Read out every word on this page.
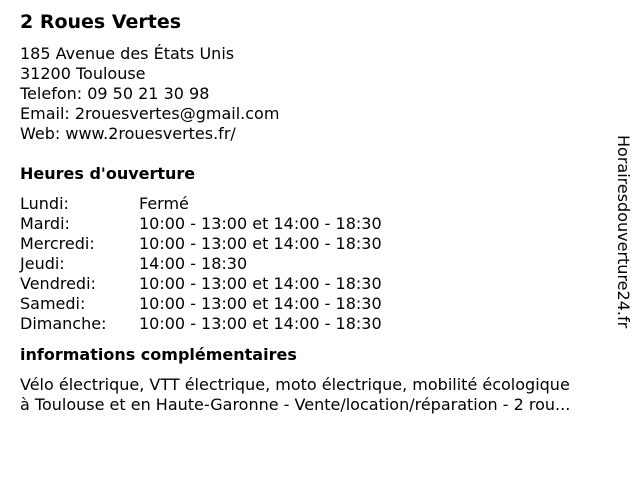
2 Roues Vertes
185 Avenue des États Unis
31200 Toulouse
Telefon: 09 50 21 30 98
Email: 2rouesvertes@gmail.com
Web: www.2rouesvertes.fr/
Heures d'ouverture
Lundi:	Fermé
Mardi:	10:00 - 13:00 et 14:00 - 18:30
Mercredi:	10:00 - 13:00 et 14:00 - 18:30
Jeudi:	14:00 - 18:30
Vendredi:	10:00 - 13:00 et 14:00 - 18:30
Samedi:	10:00 - 13:00 et 14:00 - 18:30
Dimanche:	10:00 - 13:00 et 14:00 - 18:30
informations complémentaires
Vélo électrique, VTT électrique, moto électrique, mobilité écologique
à Toulouse et en Haute-Garonne - Vente/location/réparation - 2 rou...
Horairesdouverture24.fr
